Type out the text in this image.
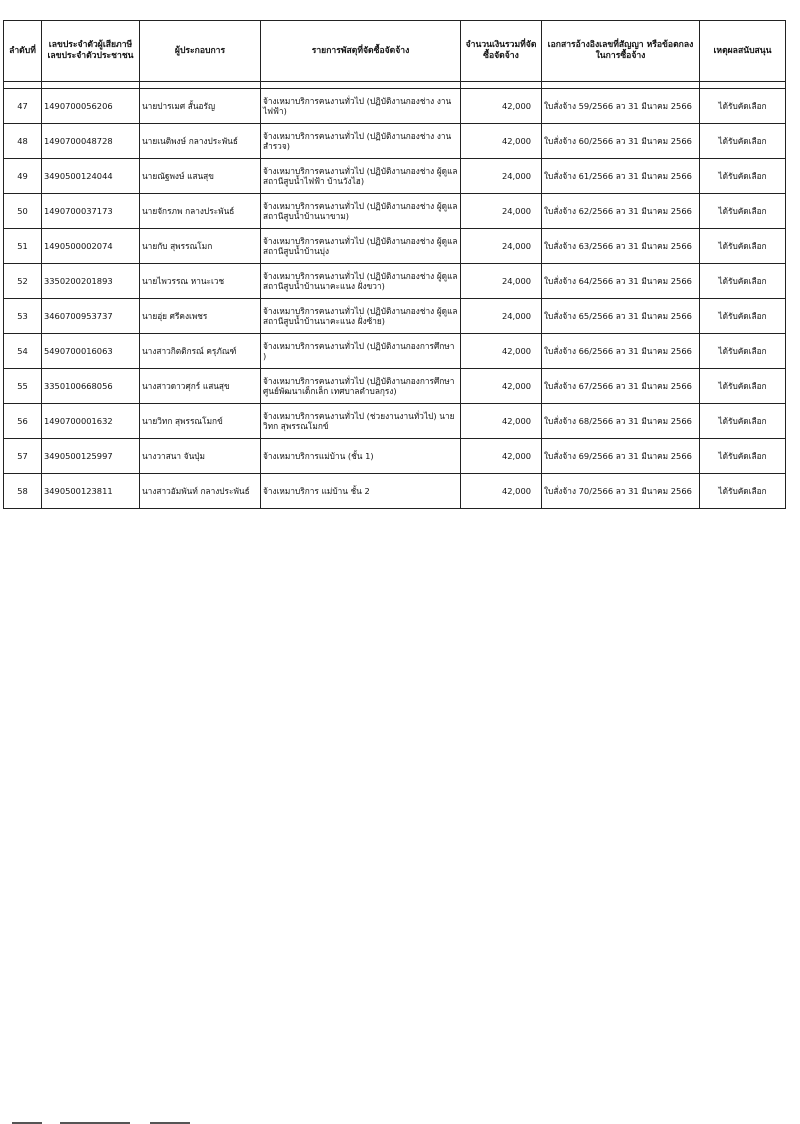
ลำดับที่	เลขประจำตัวผู้เสียภาษี เลขประจำตัวประชาชน	ผู้ประกอบการ	รายการพัสดุที่จัดซื้อจัดจ้าง	จำนวนเงินรวมที่จัดซื้อจัดจ้าง	เอกสารอ้างอิงเลขที่สัญญา หรือข้อตกลงในการซื้อจ้าง	เหตุผลสนับสนุน

47	1490700056206	นายปารเมศ สั้นอรัญ	จ้างเหมาบริการคนงานทั่วไป (ปฏิบัติงานกองช่าง งานไฟฟ้า)	42,000	ใบสั่งจ้าง 59/2566 ลว 31 มีนาคม 2566	ได้รับคัดเลือก
48	1490700048728	นายเนติพงษ์ กลางประพันธ์	จ้างเหมาบริการคนงานทั่วไป (ปฏิบัติงานกองช่าง งานสำรวจ)	42,000	ใบสั่งจ้าง 60/2566 ลว 31 มีนาคม 2566	ได้รับคัดเลือก
49	3490500124044	นายณัฐพงษ์ แสนสุข	จ้างเหมาบริการคนงานทั่วไป (ปฏิบัติงานกองช่าง ผู้ดูแลสถานีสูบน้ำไฟฟ้า บ้านวังไฮ)	24,000	ใบสั่งจ้าง 61/2566 ลว 31 มีนาคม 2566	ได้รับคัดเลือก
50	1490700037173	นายจักรภพ กลางประพันธ์	จ้างเหมาบริการคนงานทั่วไป (ปฏิบัติงานกองช่าง ผู้ดูแลสถานีสูบน้ำบ้านนาขาม)	24,000	ใบสั่งจ้าง 62/2566 ลว 31 มีนาคม 2566	ได้รับคัดเลือก
51	1490500002074	นายกับ สุพรรณโมก	จ้างเหมาบริการคนงานทั่วไป (ปฏิบัติงานกองช่าง ผู้ดูแลสถานีสูบน้ำบ้านบุ่ง	24,000	ใบสั่งจ้าง 63/2566 ลว 31 มีนาคม 2566	ได้รับคัดเลือก
52	3350200201893	นายไพวรรณ หานะเวช	จ้างเหมาบริการคนงานทั่วไป (ปฏิบัติงานกองช่าง ผู้ดูแลสถานีสูบน้ำบ้านนาคะแนง ฝั่งขวา)	24,000	ใบสั่งจ้าง 64/2566 ลว 31 มีนาคม 2566	ได้รับคัดเลือก
53	3460700953737	นายอุ่ย ศรีคงเพชร	จ้างเหมาบริการคนงานทั่วไป (ปฏิบัติงานกองช่าง ผู้ดูแลสถานีสูบน้ำบ้านนาคะแนง ฝั่งซ้าย)	24,000	ใบสั่งจ้าง 65/2566 ลว 31 มีนาคม 2566	ได้รับคัดเลือก
54	5490700016063	นางสาวกิตติกรณ์ ครุภัณฑ์	จ้างเหมาบริการคนงานทั่วไป (ปฏิบัติงานกองการศึกษา )	42,000	ใบสั่งจ้าง 66/2566 ลว 31 มีนาคม 2566	ได้รับคัดเลือก
55	3350100668056	นางสาวดาวศุกร์ แสนสุข	จ้างเหมาบริการคนงานทั่วไป (ปฏิบัติงานกองการศึกษา ศูนย์พัฒนาเด็กเล็ก เทศบาลตำบลกุรง)	42,000	ใบสั่งจ้าง 67/2566 ลว 31 มีนาคม 2566	ได้รับคัดเลือก
56	1490700001632	นายวิทก สุพรรณโมกข์	จ้างเหมาบริการคนงานทั่วไป (ช่วยงานงานทั่วไป) นายวิทก สุพรรณโมกข์	42,000	ใบสั่งจ้าง 68/2566 ลว 31 มีนาคม 2566	ได้รับคัดเลือก
57	3490500125997	นางวาสนา จันปุ่ม	จ้างเหมาบริการแม่บ้าน (ชั้น 1)	42,000	ใบสั่งจ้าง 69/2566 ลว 31 มีนาคม 2566	ได้รับคัดเลือก
58	3490500123811	นางสาวอัมพันท์ กลางประพันธ์	จ้างเหมาบริการ แม่บ้าน ชั้น 2	42,000	ใบสั่งจ้าง 70/2566 ลว 31 มีนาคม 2566	ได้รับคัดเลือก
